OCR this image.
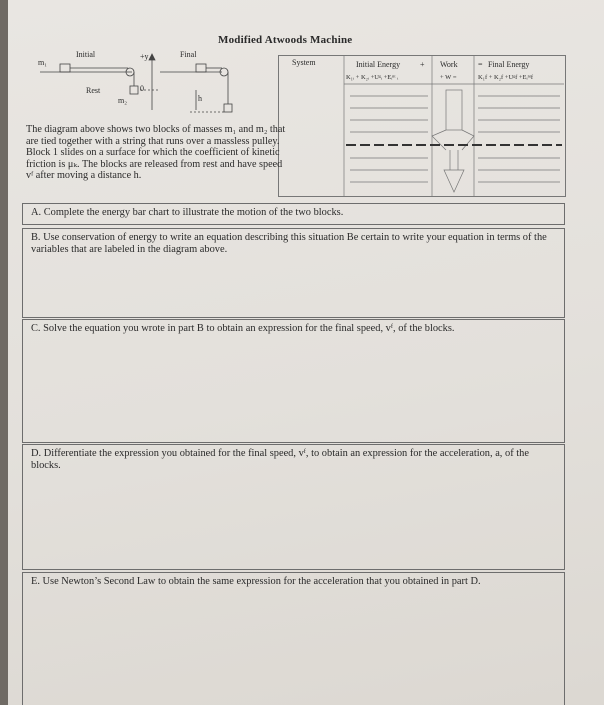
Modified Atwoods Machine
Initial	Final
+y
m₁
m₂
Rest	0
h
System	Initial Energy + Work	= Final Energy
K₁ᵢ + K₂ᵢ +Uᵍᵢ +Eᵢⁿᵗ ᵢ	+ W =	K₁f + K₂f +Uᵍf +Eᵢⁿᵗf
The diagram above shows two blocks of masses m₁ and m₂ that are tied together with a string that runs over a massless pulley. Block 1 slides on a surface for which the coefficient of kinetic friction is μₖ. The blocks are released from rest and have speed vᶠ after moving a distance h.
A. Complete the energy bar chart to illustrate the motion of the two blocks.
B. Use conservation of energy to write an equation describing this situation Be certain to write your equation in terms of the variables that are labeled in the diagram above.
C. Solve the equation you wrote in part B to obtain an expression for the final speed, vᶠ, of the blocks.
D. Differentiate the expression you obtained for the final speed, vᶠ, to obtain an expression for the acceleration, a, of the blocks.
E. Use Newton’s Second Law to obtain the same expression for the acceleration that you obtained in part D.
